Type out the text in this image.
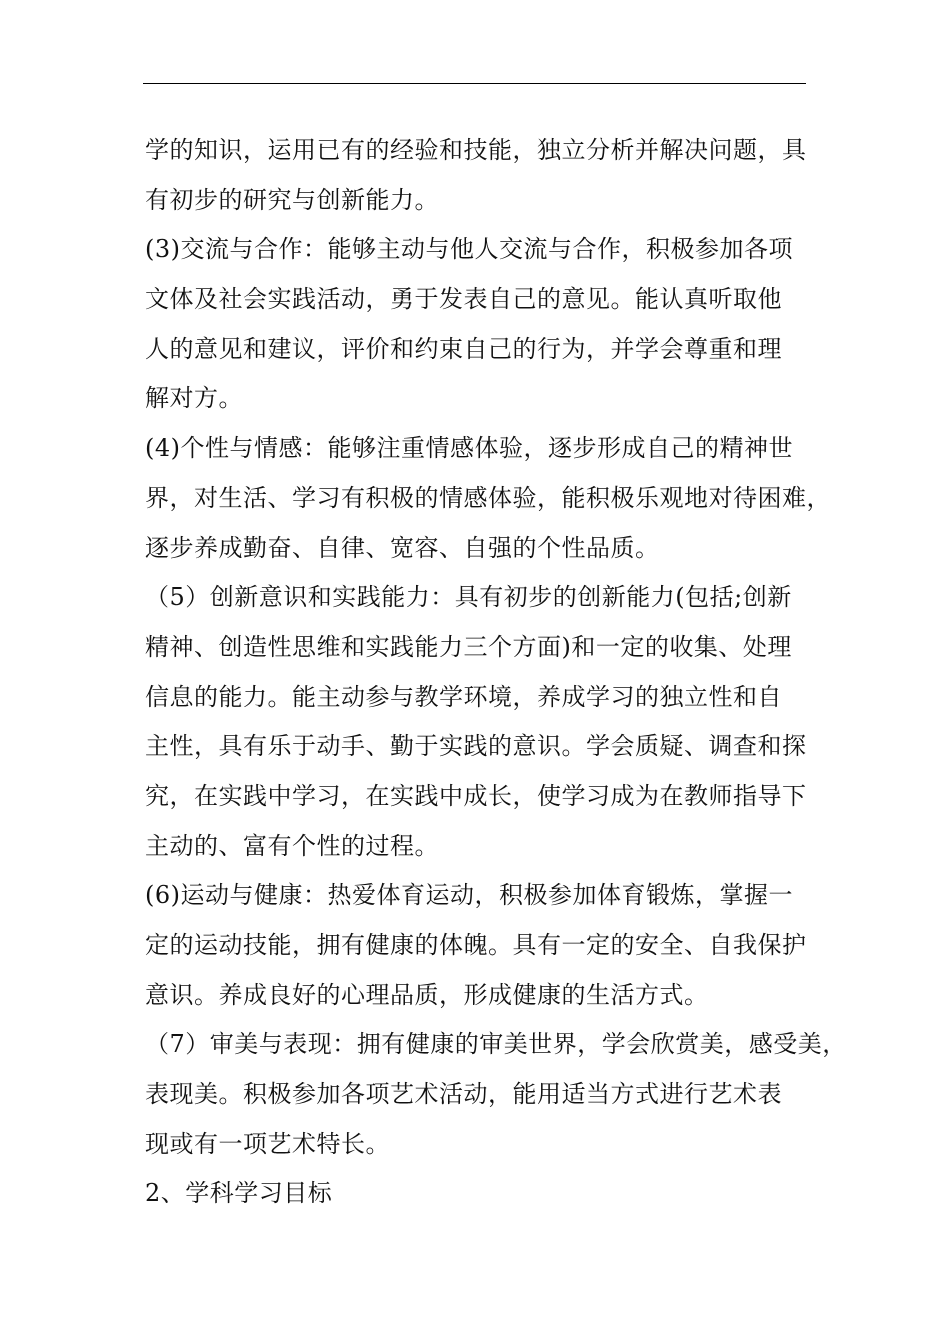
学的知识，运用已有的经验和技能，独立分析并解决问题，具
有初步的研究与创新能力。
(3)交流与合作：能够主动与他人交流与合作，积极参加各项
文体及社会实践活动，勇于发表自己的意见。能认真听取他
人的意见和建议，评价和约束自己的行为，并学会尊重和理
解对方。
(4)个性与情感：能够注重情感体验，逐步形成自己的精神世
界，对生活、学习有积极的情感体验，能积极乐观地对待困难，
逐步养成勤奋、自律、宽容、自强的个性品质。
（5）创新意识和实践能力：具有初步的创新能力(包括;创新
精神、创造性思维和实践能力三个方面)和一定的收集、处理
信息的能力。能主动参与教学环境，养成学习的独立性和自
主性，具有乐于动手、勤于实践的意识。学会质疑、调查和探
究，在实践中学习，在实践中成长，使学习成为在教师指导下
主动的、富有个性的过程。
(6)运动与健康：热爱体育运动，积极参加体育锻炼，掌握一
定的运动技能，拥有健康的体魄。具有一定的安全、自我保护
意识。养成良好的心理品质，形成健康的生活方式。
（7）审美与表现：拥有健康的审美世界，学会欣赏美，感受美，
表现美。积极参加各项艺术活动，能用适当方式进行艺术表
现或有一项艺术特长。
2、学科学习目标
